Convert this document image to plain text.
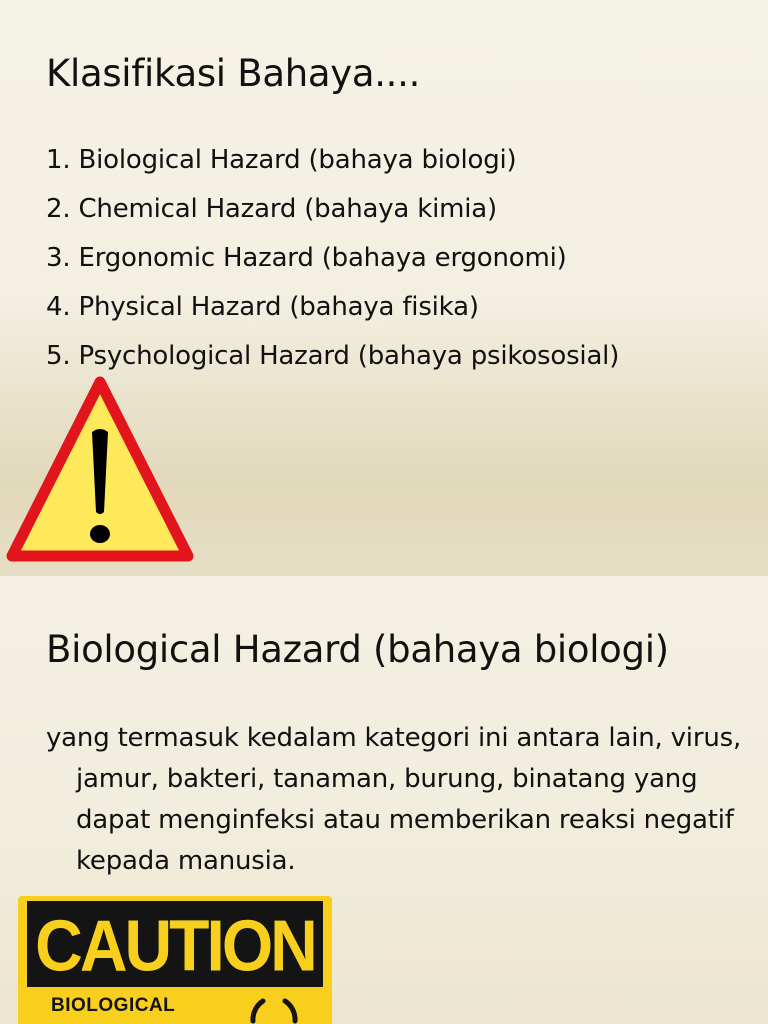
Klasifikasi Bahaya....
1. Biological Hazard (bahaya biologi)
2. Chemical Hazard (bahaya kimia)
3. Ergonomic Hazard (bahaya ergonomi)
4. Physical Hazard (bahaya fisika)
5. Psychological Hazard (bahaya psikososial)
Biological Hazard (bahaya biologi)

yang termasuk kedalam kategori ini antara lain, virus, jamur, bakteri, tanaman, burung, binatang yang dapat menginfeksi atau memberikan reaksi negatif kepada manusia.

CAUTION
BIOLOGICAL
